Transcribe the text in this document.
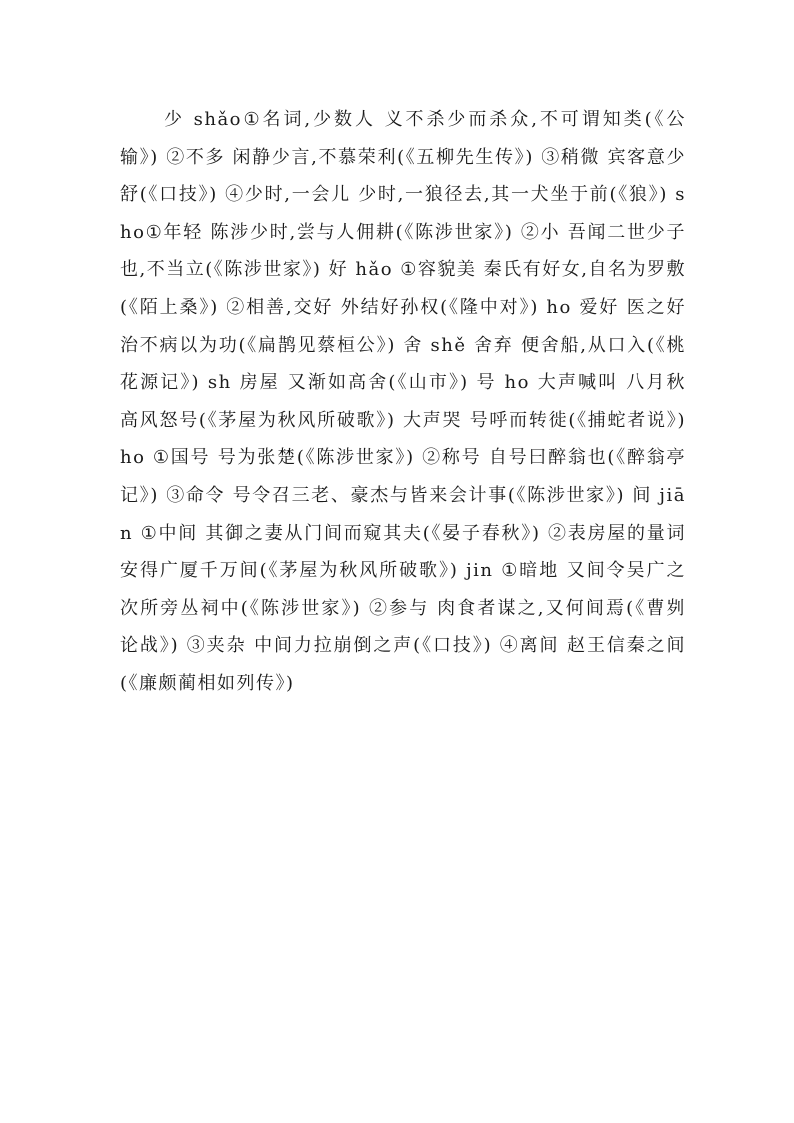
少 shǎo①名词,少数人 义不杀少而杀众,不可谓知类(《公输》) ②不多 闲静少言,不慕荣利(《五柳先生传》) ③稍微 宾客意少舒(《口技》) ④少时,一会儿 少时,一狼径去,其一犬坐于前(《狼》) sho①年轻 陈涉少时,尝与人佣耕(《陈涉世家》) ②小 吾闻二世少子也,不当立(《陈涉世家》) 好 hǎo ①容貌美 秦氏有好女,自名为罗敷(《陌上桑》) ②相善,交好 外结好孙权(《隆中对》) ho 爱好 医之好治不病以为功(《扁鹊见蔡桓公》) 舍 shě 舍弃 便舍船,从口入(《桃花源记》) sh 房屋 又渐如高舍(《山市》) 号 ho 大声喊叫 八月秋高风怒号(《茅屋为秋风所破歌》) 大声哭 号呼而转徙(《捕蛇者说》) ho ①国号 号为张楚(《陈涉世家》) ②称号 自号曰醉翁也(《醉翁亭记》) ③命令 号令召三老、豪杰与皆来会计事(《陈涉世家》) 间 jiān ①中间 其御之妻从门间而窥其夫(《晏子春秋》) ②表房屋的量词 安得广厦千万间(《茅屋为秋风所破歌》) jin ①暗地 又间令吴广之次所旁丛祠中(《陈涉世家》) ②参与 肉食者谋之,又何间焉(《曹刿论战》) ③夹杂 中间力拉崩倒之声(《口技》) ④离间 赵王信秦之间(《廉颇蔺相如列传》)
